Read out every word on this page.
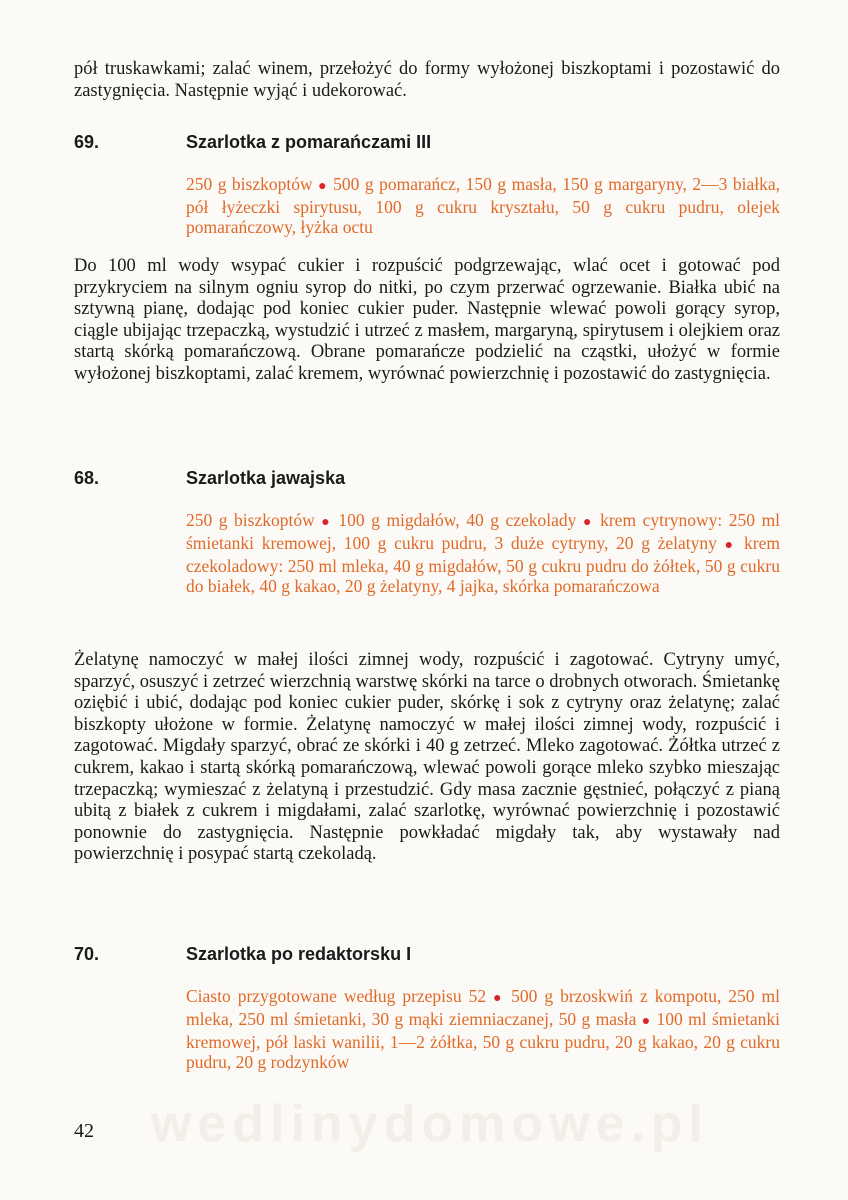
wedlinydomowe.pl

pół truskawkami; zalać winem, przełożyć do formy wyłożonej biszkoptami i pozostawić do zastygnięcia. Następnie wyjąć i udekorować.

69.	Szarlotka z pomarańczami III
250 g biszkoptów ● 500 g pomarańcz, 150 g masła, 150 g margaryny, 2—3 białka, pół łyżeczki spirytusu, 100 g cukru kryształu, 50 g cukru pudru, olejek pomarańczowy, łyżka octu

Do 100 ml wody wsypać cukier i rozpuścić podgrzewając, wlać ocet i gotować pod przykryciem na silnym ogniu syrop do nitki, po czym przerwać ogrzewanie. Białka ubić na sztywną pianę, dodając pod koniec cukier puder. Następnie wlewać powoli gorący syrop, ciągle ubijając trzepaczką, wystudzić i utrzeć z masłem, margaryną, spirytusem i olejkiem oraz startą skórką pomarańczową. Obrane pomarańcze podzielić na cząstki, ułożyć w formie wyłożonej biszkoptami, zalać kremem, wyrównać powierzchnię i pozostawić do zastygnięcia.

68.	Szarlotka jawajska
250 g biszkoptów ● 100 g migdałów, 40 g czekolady ● krem cytrynowy: 250 ml śmietanki kremowej, 100 g cukru pudru, 3 duże cytryny, 20 g żelatyny ● krem czekoladowy: 250 ml mleka, 40 g migdałów, 50 g cukru pudru do żółtek, 50 g cukru do białek, 40 g kakao, 20 g żelatyny, 4 jajka, skórka pomarańczowa

Żelatynę namoczyć w małej ilości zimnej wody, rozpuścić i zagotować. Cytryny umyć, sparzyć, osuszyć i zetrzeć wierzchnią warstwę skórki na tarce o drobnych otworach. Śmietankę oziębić i ubić, dodając pod koniec cukier puder, skórkę i sok z cytryny oraz żelatynę; zalać biszkopty ułożone w formie. Żelatynę namoczyć w małej ilości zimnej wody, rozpuścić i zagotować. Migdały sparzyć, obrać ze skórki i 40 g zetrzeć. Mleko zagotować. Żółtka utrzeć z cukrem, kakao i startą skórką pomarańczową, wlewać powoli gorące mleko szybko mieszając trzepaczką; wymieszać z żelatyną i przestudzić. Gdy masa zacznie gęstnieć, połączyć z pianą ubitą z białek z cukrem i migdałami, zalać szarlotkę, wyrównać powierzchnię i pozostawić ponownie do zastygnięcia. Następnie powkładać migdały tak, aby wystawały nad powierzchnię i posypać startą czekoladą.

70.	Szarlotka po redaktorsku I
Ciasto przygotowane według przepisu 52 ● 500 g brzoskwiń z kompotu, 250 ml mleka, 250 ml śmietanki, 30 g mąki ziemniaczanej, 50 g masła ● 100 ml śmietanki kremowej, pół laski wanilii, 1—2 żółtka, 50 g cukru pudru, 20 g kakao, 20 g cukru pudru, 20 g rodzynków
42
